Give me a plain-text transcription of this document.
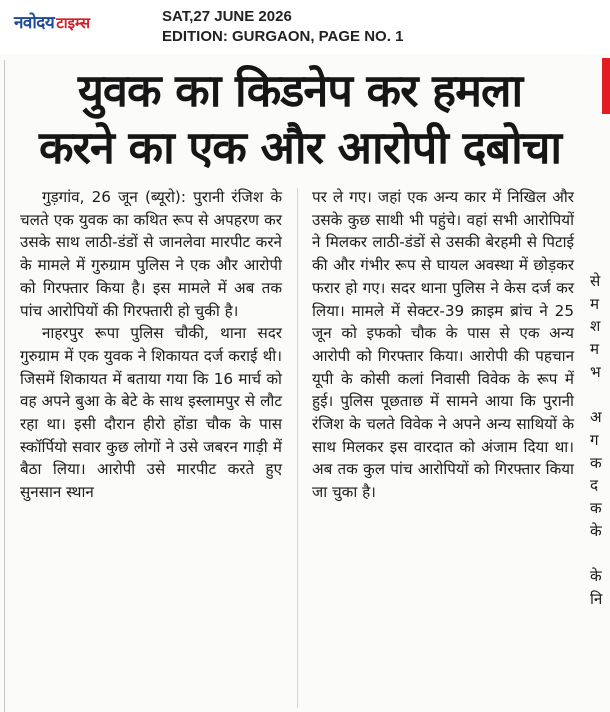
नवोदय टाइम्स	SAT,27 JUNE 2026
EDITION: GURGAON, PAGE NO. 1
युवक का किडनेप कर हमला
करने का एक और आरोपी दबोचा

गुड़गांव, 26 जून (ब्यूरो): पुरानी रंजिश के चलते एक युवक का कथित रूप से अपहरण कर उसके साथ लाठी-डंडों से जानलेवा मारपीट करने के मामले में गुरुग्राम पुलिस ने एक और आरोपी को गिरफ्तार किया है। इस मामले में अब तक पांच आरोपियों की गिरफ्तारी हो चुकी है।

नाहरपुर रूपा पुलिस चौकी, थाना सदर गुरुग्राम में एक युवक ने शिकायत दर्ज कराई थी। जिसमें शिकायत में बताया गया कि 16 मार्च को वह अपने बुआ के बेटे के साथ इस्लामपुर से लौट रहा था। इसी दौरान हीरो होंडा चौक के पास स्कॉर्पियो सवार कुछ लोगों ने उसे जबरन गाड़ी में बैठा लिया। आरोपी उसे मारपीट करते हुए सुनसान स्थान

पर ले गए। जहां एक अन्य कार में निखिल और उसके कुछ साथी भी पहुंचे। वहां सभी आरोपियों ने मिलकर लाठी-डंडों से उसकी बेरहमी से पिटाई की और गंभीर रूप से घायल अवस्था में छोड़कर फरार हो गए। सदर थाना पुलिस ने केस दर्ज कर लिया। मामले में सेक्टर-39 क्राइम ब्रांच ने 25 जून को इफको चौक के पास से एक अन्य आरोपी को गिरफ्तार किया। आरोपी की पहचान यूपी के कोसी कलां निवासी विवेक के रूप में हुई। पुलिस पूछताछ में सामने आया कि पुरानी रंजिश के चलते विवेक ने अपने अन्य साथियों के साथ मिलकर इस वारदात को अंजाम दिया था। अब तक कुल पांच आरोपियों को गिरफ्तार किया जा चुका है।

से
म
श
म
भ
अ
ग
क
द
क
के
के
नि
